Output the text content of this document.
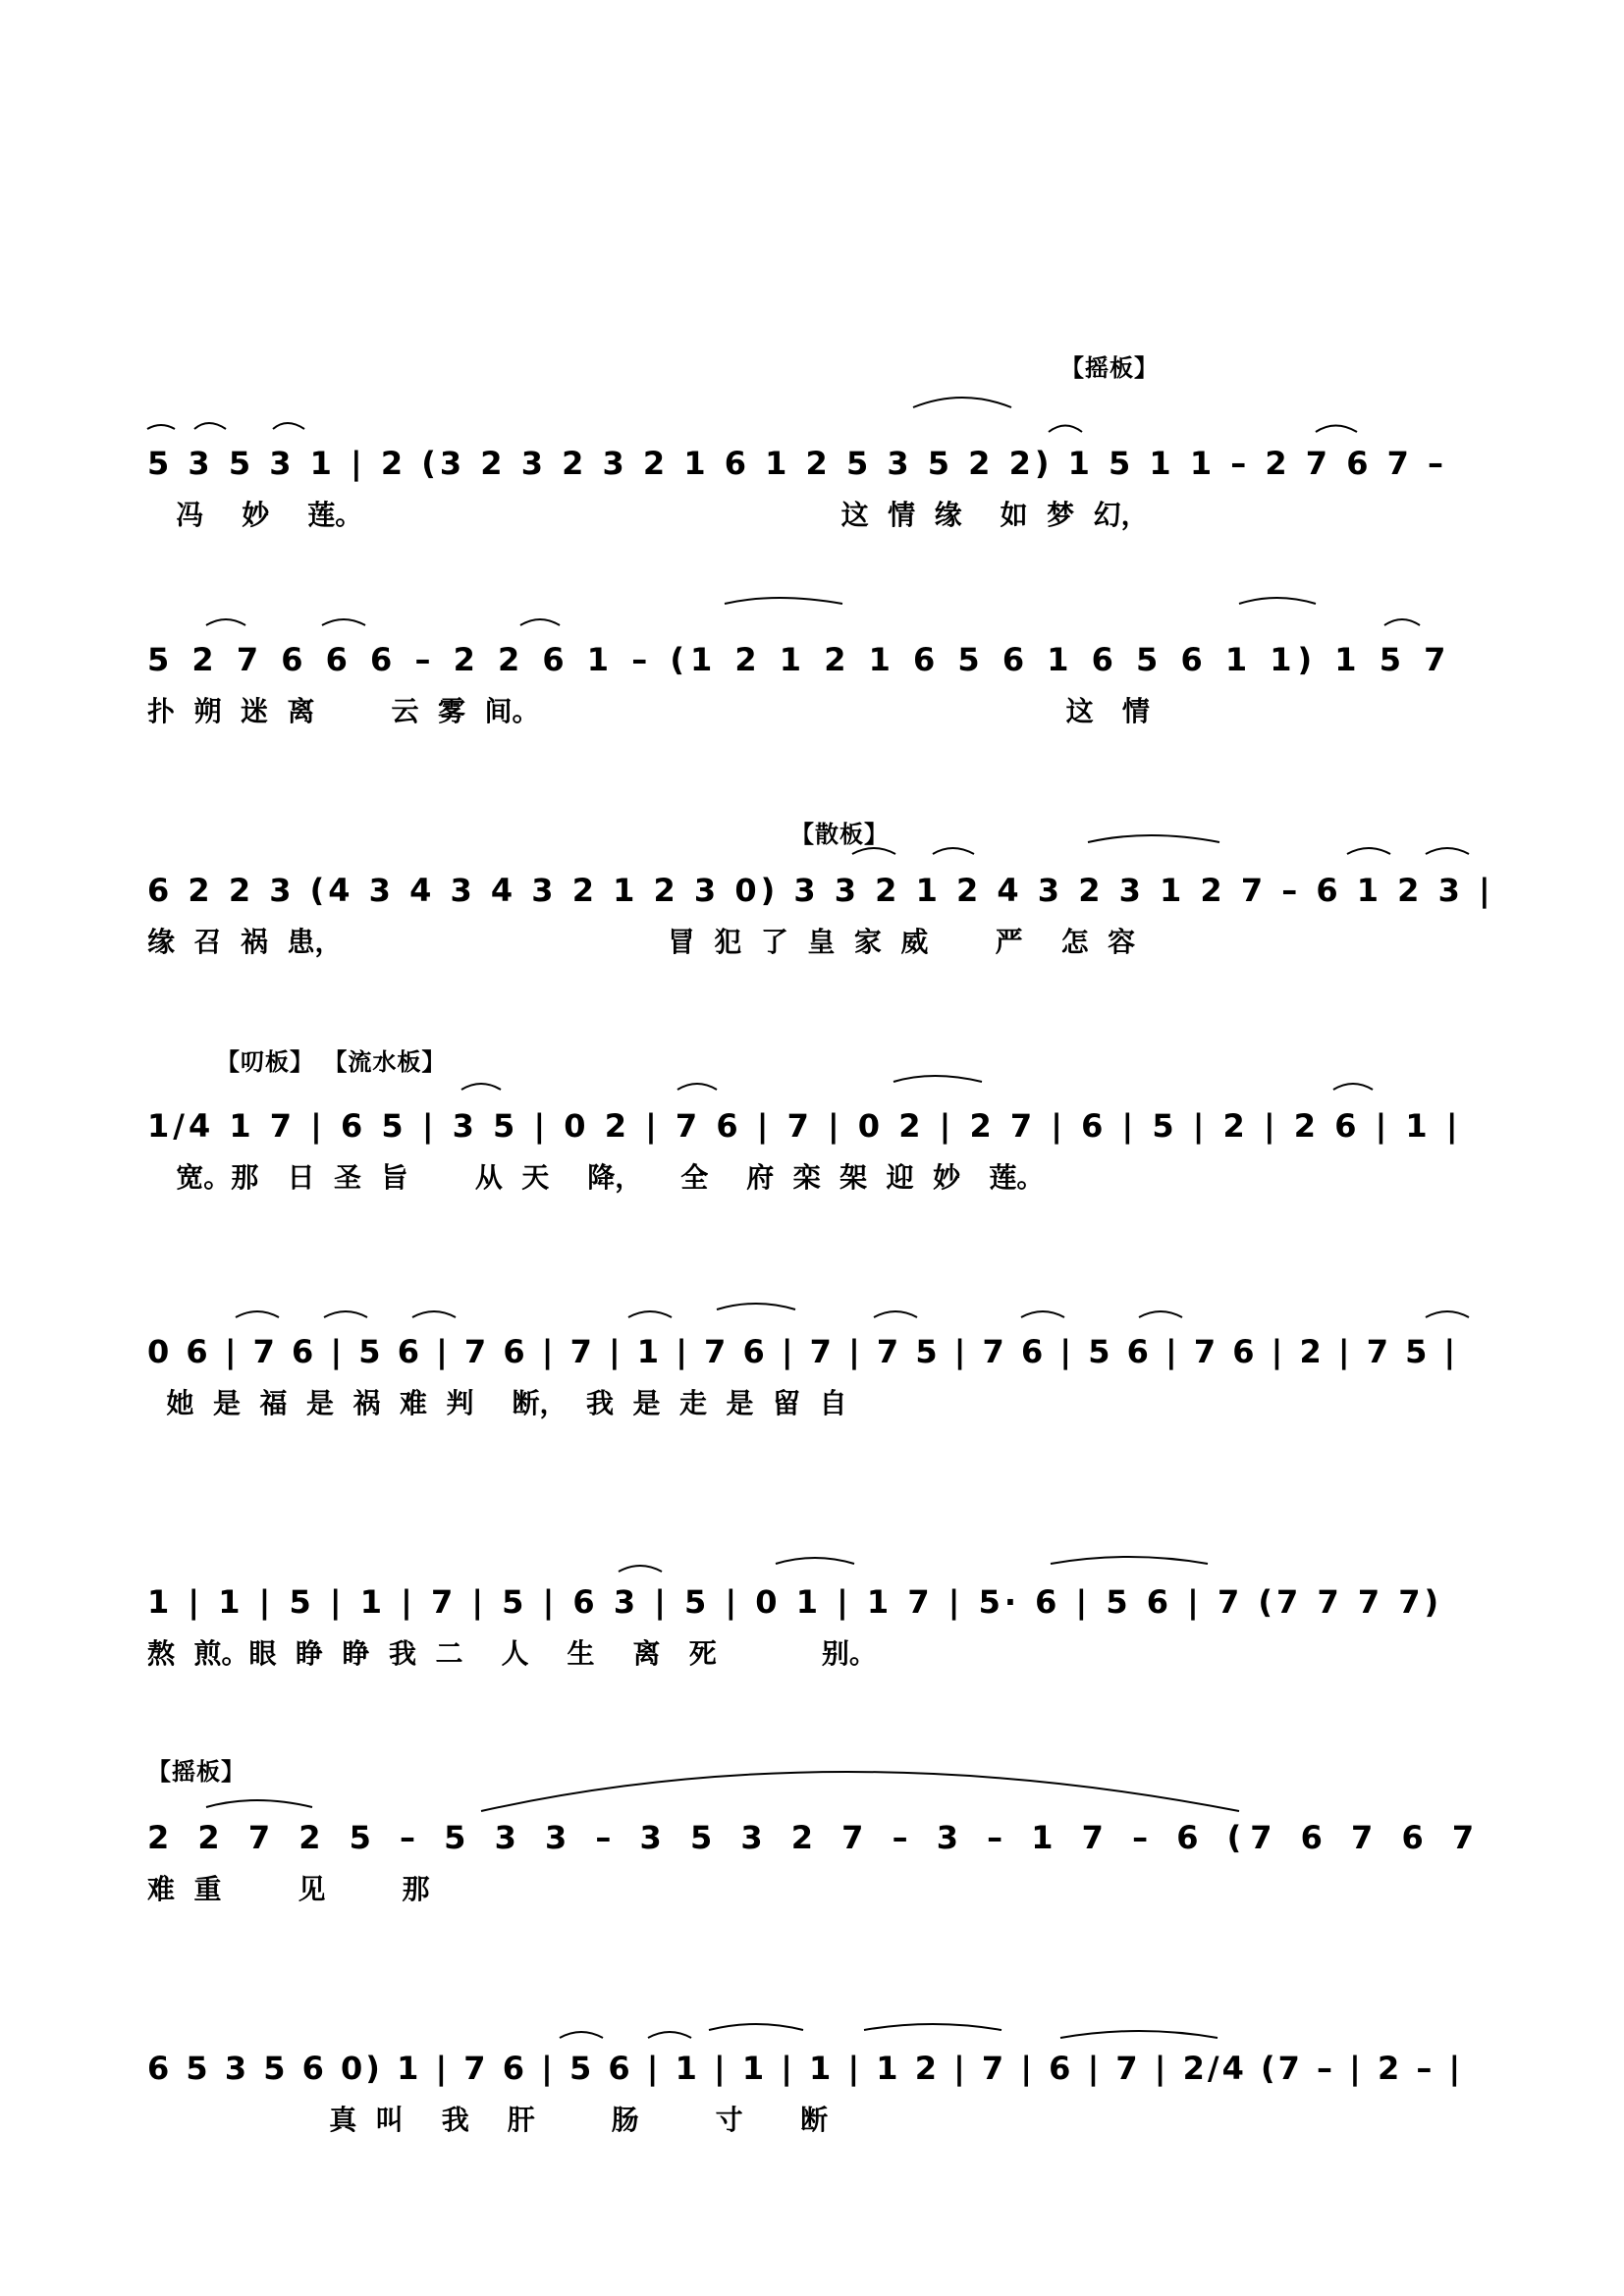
【摇板】
5 3 5 3 1 | 2 (3 2 3 2 3 2 1 6 1 2 5 3 5 2 2) 1 5 1 1 – 2 7 6 7 –
冯    妙    莲。                                                  这  情  缘    如  梦  幻，
5 2 7 6 6 6 – 2 2 6 1 – (1 2 1 2 1 6 5 6 1 6 5 6 1 1) 1 5 7
扑  朔  迷  离        云  雾  间。                                                       这   情
【散板】
6 2 2 3 (4 3 4 3 4 3 2 1 2 3 0) 3 3 2 1 2 4 3 2 3 1 2 7 – 6 1 2 3 |
缘  召  祸  患，                                  冒  犯  了  皇  家  威       严    怎  容
【叨板】 【流水板】
1/4 1 7 | 6 5 | 3 5 | 0 2 | 7 6 | 7 | 0 2 | 2 7 | 6 | 5 | 2 | 2 6 | 1 |
宽。那   日  圣  旨       从  天    降，    全    府  栾  架  迎  妙   莲。
0 6 | 7 6 | 5 6 | 7 6 | 7 | 1 | 7 6 | 7 | 7 5 | 7 6 | 5 6 | 7 6 | 2 | 7 5 |
她  是  福  是  祸  难  判    断，  我  是  走  是  留  自
1 | 1 | 5 | 1 | 7 | 5 | 6 3 | 5 | 0 1 | 1 7 | 5· 6 | 5 6 | 7 (7 7 7 7)
熬  煎。眼  睁  睁  我  二    人    生    离   死           别。
【摇板】
2 2 7 2 5 – 5 3 3 – 3 5 3 2 7 – 3 – 1 7 – 6 (7 6 7 6 7
难  重        见        那
6 5 3 5 6 0) 1 | 7 6 | 5 6 | 1 | 1 | 1 | 1 2 | 7 | 6 | 7 | 2/4 (7 – | 2 – |
真  叫    我    肝        肠        寸      断
